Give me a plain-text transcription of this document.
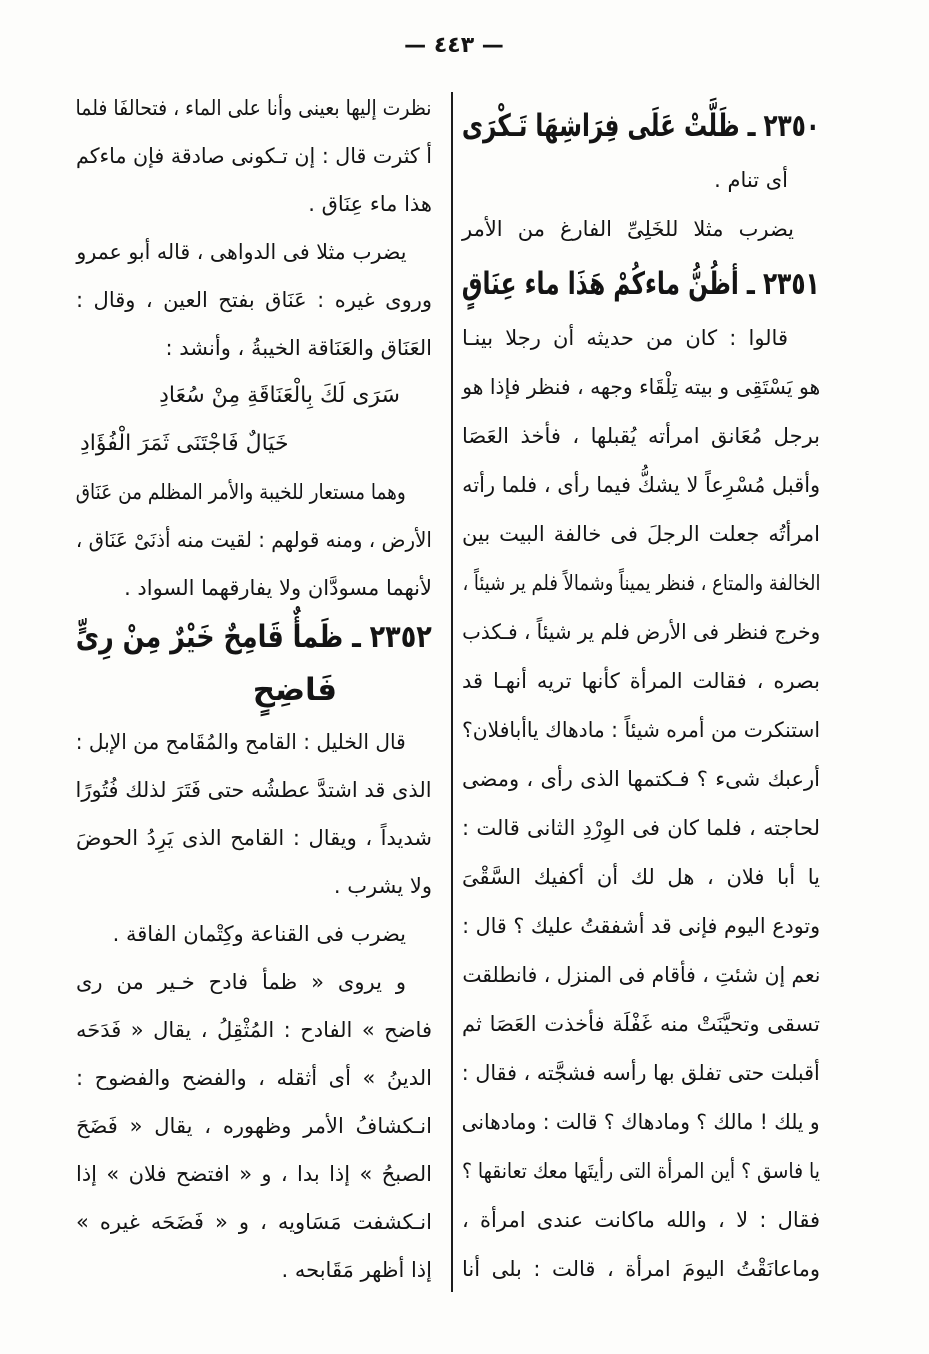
— ٤٤٣ —
٢٣٥٠ ـ ظَلَّتْ عَلَى فِرَاشِهَا تَـكْرَى
أى تنام .
يضرب مثلا للخَلِىِّ الفارغ من الأمر
٢٣٥١ ـ أظُنُّ ماءكُمْ هَذَا ماء عِنَاقٍ
قالوا : كان من حديثه أن رجلا بينـا
هو يَسْتَقِى و بيته تِلْقَاء وجهه ، فنظر فإذا هو
برجل مُعَانق امرأته يُقبلها ، فأخذ العَصَا
وأقبل مُسْرِعاً لا يشكُّ فيما رأى ، فلما رأته
امرأتُه جعلت الرجلَ فى خالفة البيت بين
الخالفة والمتاع ، فنظر يميناً وشمالاً فلم ير شيئاً ،
وخرج فنظر فى الأرض فلم ير شيئاً ، فـكذب
بصره ، فقالت المرأة كأنها تريه أنهـا قد
استنكرت من أمره شيئاً : مادهاك ياأبافلان؟
أرعبك شىء ؟ فـكتمها الذى رأى ، ومضى
لحاجته ، فلما كان فى الوِرْدِ الثانى قالت :
يا أبا فلان ، هل لك أن أكفيك السَّقْىَ
وتودع اليوم فإنى قد أشفقتُ عليك ؟ قال :
نعم إن شئتِ ، فأقام فى المنزل ، فانطلقت
تسقى وتحيَّنَتْ منه غَفْلَة فأخذت العَصَا ثم
أقبلت حتى تفلق بها رأسه فشجَّته ، فقال :
و يلك ! مالك ؟ ومادهاك ؟ قالت : ومادهانى
يا فاسق ؟ أين المرأة التى رأيتَها معك تعانقها ؟
فقال : لا ، والله ماكانت عندى امرأة ،
وماعانَقْتُ اليومَ امرأة ، قالت : بلى أنا
نظرت إليها بعينى وأنا على الماء ، فتحالفَا فلما
أ كثرت قال : إن تـكونى صادقة فإن ماءكم
هذا ماء عِنَاق .
يضرب مثلا فى الدواهى ، قاله أبو عمرو
وروى غيره : عَنَاق بفتح العين ، وقال :
العَنَاق والعَنَاقة الخيبةُ ، وأنشد :
سَرَى لَكَ بِالْعَنَاقَةِ مِنْ سُعَادِ
خَيَالٌ فَاجْتَنَى ثَمَرَ الْفُؤَادِ
وهما مستعار للخيبة والأمر المظلم من عَنَاق
الأرض ، ومنه قولهم : لقيت منه أذنَىْ عَنَاق ،
لأنهما مسودَّان ولا يفارقهما السواد .
٢٣٥٢ ـ ظَمأٌ قَامِحٌ خَيْرٌ مِنْ رِىٍّ
فَاضِحٍ
قال الخليل : القامح والمُقَامح من الإبل :
الذى قد اشتدَّ عطشُه حتى فَتَرَ لذلك فُتُورًا
شديداً ، ويقال : القامح الذى يَرِدُ الحوضَ
ولا يشرب .
يضرب فى القناعة وكِتْمان الفاقة .
و يروى « ظمأ فادح خـير من رى
فاضح » الفادح : المُثْقِلُ ، يقال « فَدَحَه
الدينُ » أى أثقله ، والفضح والفضوح :
انـكشافُ الأمر وظهوره ، يقال « فَضَحَ
الصبحُ » إذا بدا ، و « افتضح فلان » إذا
انـكشفت مَسَاويه ، و « فَضَحَه غيره »
إذا أظهر مَقَابحه .
